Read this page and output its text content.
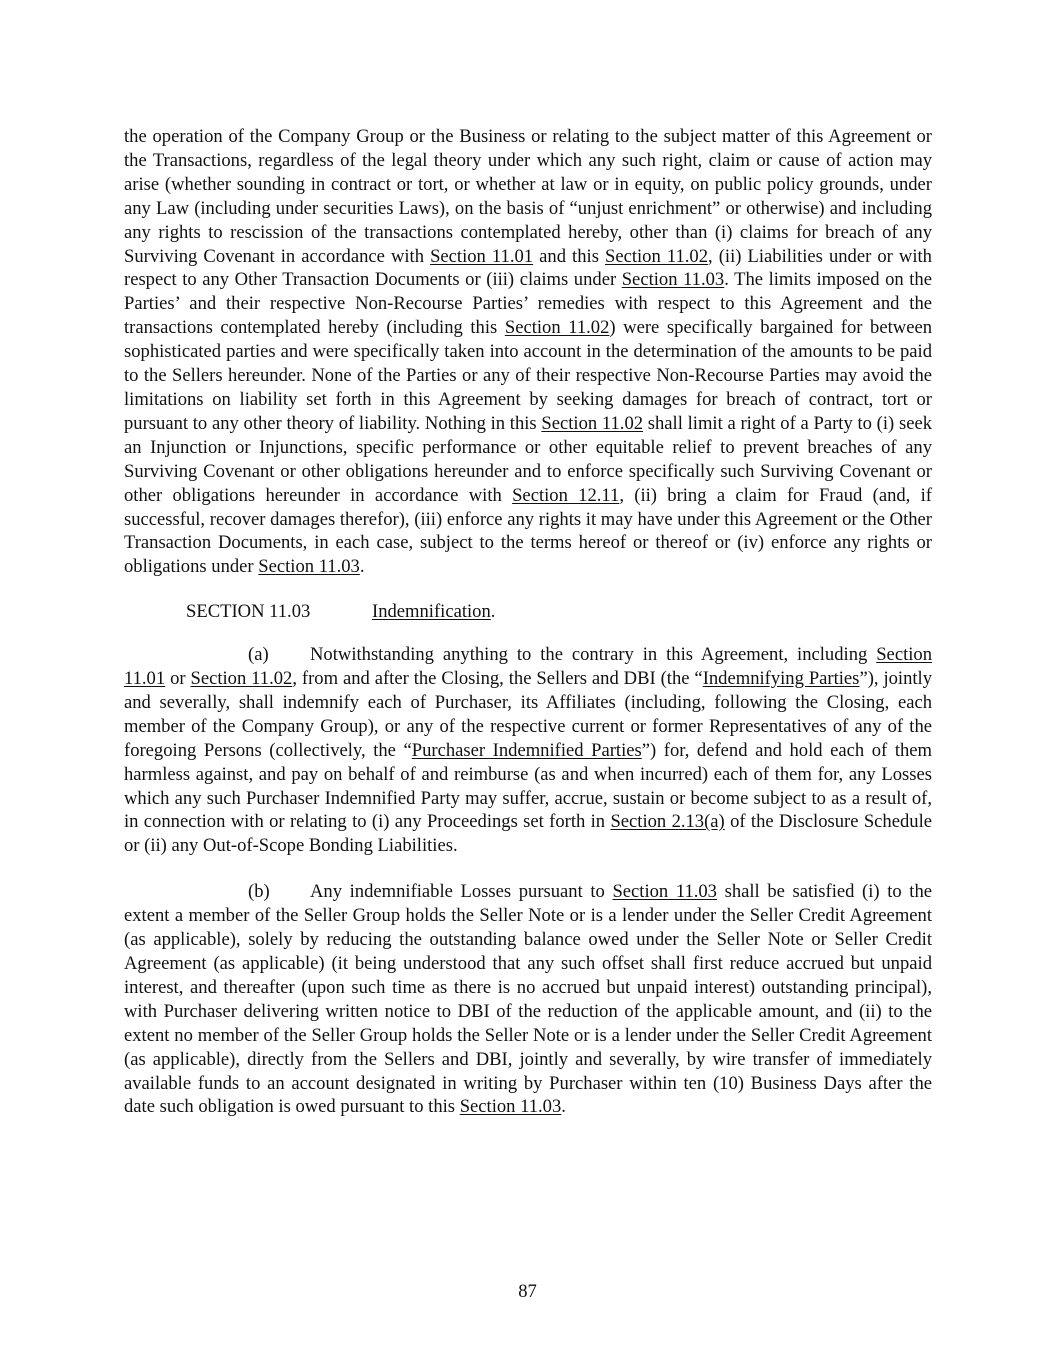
the operation of the Company Group or the Business or relating to the subject matter of this Agreement or the Transactions, regardless of the legal theory under which any such right, claim or cause of action may arise (whether sounding in contract or tort, or whether at law or in equity, on public policy grounds, under any Law (including under securities Laws), on the basis of “unjust enrichment” or otherwise) and including any rights to rescission of the transactions contemplated hereby, other than (i) claims for breach of any Surviving Covenant in accordance with Section 11.01 and this Section 11.02, (ii) Liabilities under or with respect to any Other Transaction Documents or (iii) claims under Section 11.03. The limits imposed on the Parties’ and their respective Non-Recourse Parties’ remedies with respect to this Agreement and the transactions contemplated hereby (including this Section 11.02) were specifically bargained for between sophisticated parties and were specifically taken into account in the determination of the amounts to be paid to the Sellers hereunder. None of the Parties or any of their respective Non-Recourse Parties may avoid the limitations on liability set forth in this Agreement by seeking damages for breach of contract, tort or pursuant to any other theory of liability. Nothing in this Section 11.02 shall limit a right of a Party to (i) seek an Injunction or Injunctions, specific performance or other equitable relief to prevent breaches of any Surviving Covenant or other obligations hereunder and to enforce specifically such Surviving Covenant or other obligations hereunder in accordance with Section 12.11, (ii) bring a claim for Fraud (and, if successful, recover damages therefor), (iii) enforce any rights it may have under this Agreement or the Other Transaction Documents, in each case, subject to the terms hereof or thereof or (iv) enforce any rights or obligations under Section 11.03.

SECTION 11.03	Indemnification.

(a) Notwithstanding anything to the contrary in this Agreement, including Section 11.01 or Section 11.02, from and after the Closing, the Sellers and DBI (the “Indemnifying Parties”), jointly and severally, shall indemnify each of Purchaser, its Affiliates (including, following the Closing, each member of the Company Group), or any of the respective current or former Representatives of any of the foregoing Persons (collectively, the “Purchaser Indemnified Parties”) for, defend and hold each of them harmless against, and pay on behalf of and reimburse (as and when incurred) each of them for, any Losses which any such Purchaser Indemnified Party may suffer, accrue, sustain or become subject to as a result of, in connection with or relating to (i) any Proceedings set forth in Section 2.13(a) of the Disclosure Schedule or (ii) any Out-of-Scope Bonding Liabilities.

(b) Any indemnifiable Losses pursuant to Section 11.03 shall be satisfied (i) to the extent a member of the Seller Group holds the Seller Note or is a lender under the Seller Credit Agreement (as applicable), solely by reducing the outstanding balance owed under the Seller Note or Seller Credit Agreement (as applicable) (it being understood that any such offset shall first reduce accrued but unpaid interest, and thereafter (upon such time as there is no accrued but unpaid interest) outstanding principal), with Purchaser delivering written notice to DBI of the reduction of the applicable amount, and (ii) to the extent no member of the Seller Group holds the Seller Note or is a lender under the Seller Credit Agreement (as applicable), directly from the Sellers and DBI, jointly and severally, by wire transfer of immediately available funds to an account designated in writing by Purchaser within ten (10) Business Days after the date such obligation is owed pursuant to this Section 11.03.

87
